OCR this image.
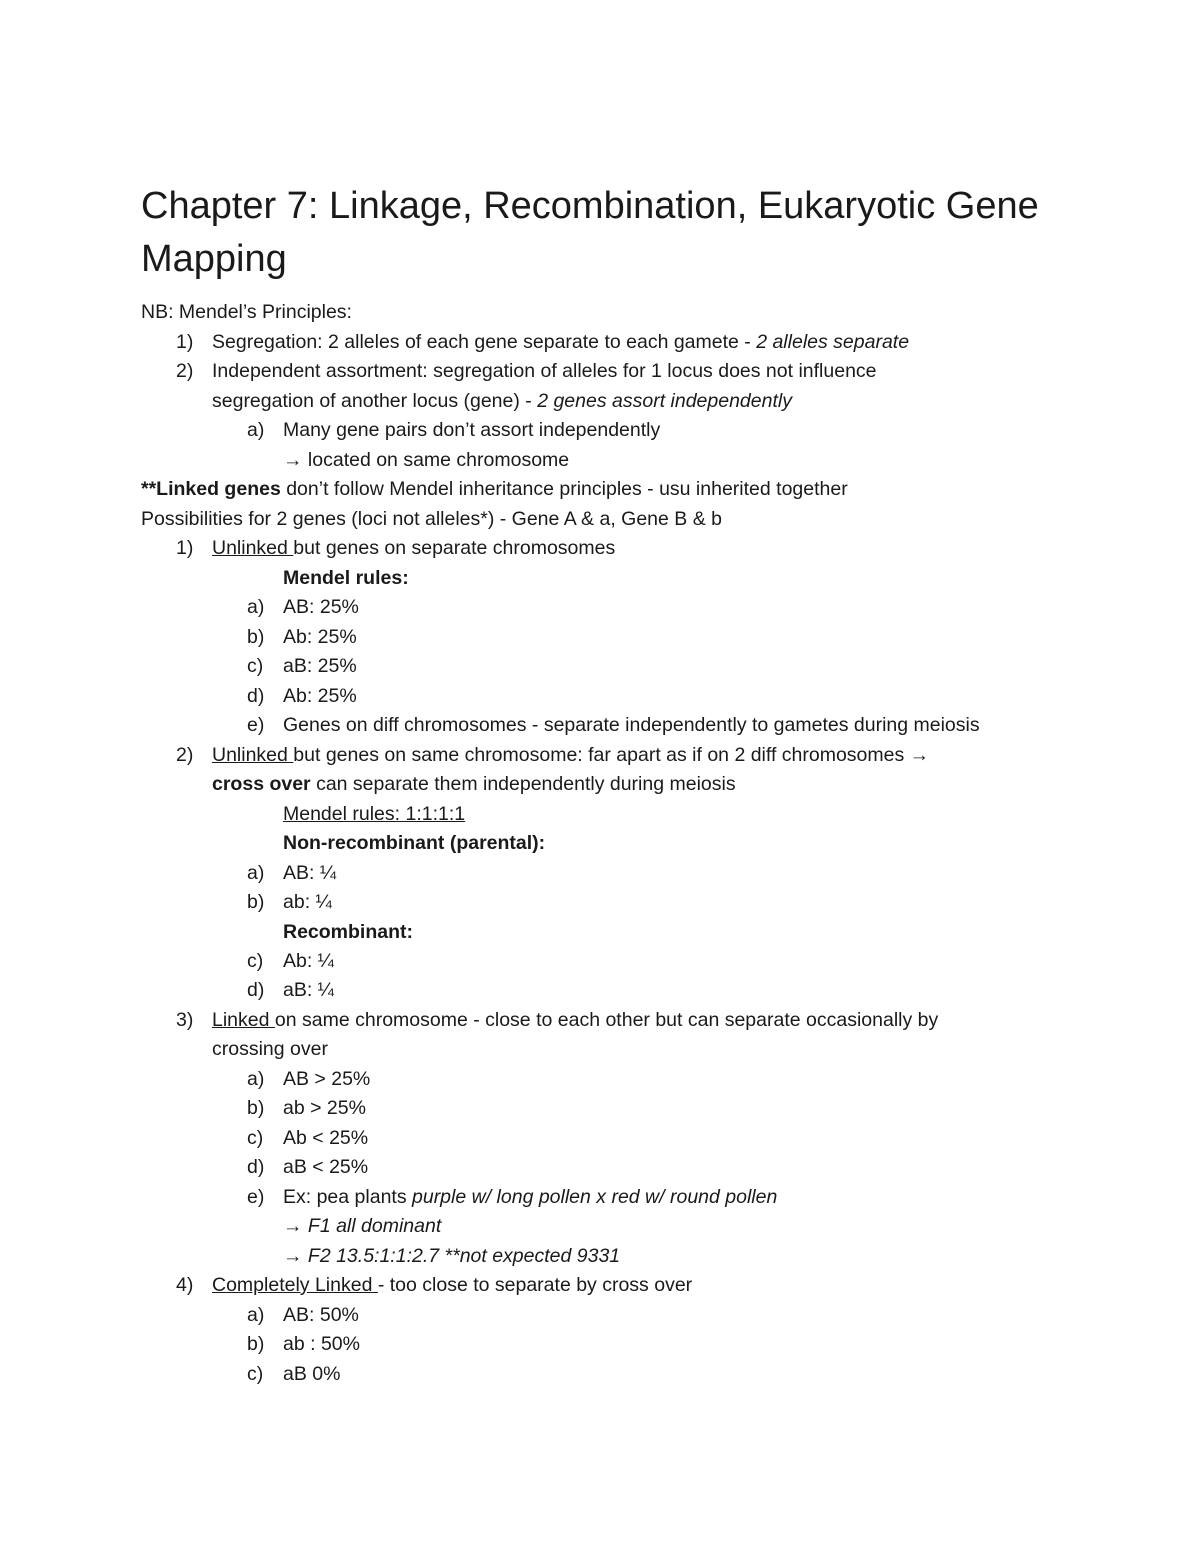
Chapter 7: Linkage, Recombination, Eukaryotic Gene Mapping
NB: Mendel’s Principles:
1) Segregation: 2 alleles of each gene separate to each gamete - 2 alleles separate
2) Independent assortment: segregation of alleles for 1 locus does not influence
segregation of another locus (gene) - 2 genes assort independently
a) Many gene pairs don’t assort independently
→ located on same chromosome
**Linked genes don’t follow Mendel inheritance principles - usu inherited together
Possibilities for 2 genes (loci not alleles*) - Gene A & a, Gene B & b
1) Unlinked but genes on separate chromosomes
Mendel rules:
a) AB: 25%
b) Ab: 25%
c) aB: 25%
d) Ab: 25%
e) Genes on diff chromosomes - separate independently to gametes during meiosis
2) Unlinked but genes on same chromosome: far apart as if on 2 diff chromosomes →
cross over can separate them independently during meiosis
Mendel rules: 1:1:1:1
Non-recombinant (parental):
a) AB: ¼
b) ab: ¼
Recombinant:
c) Ab: ¼
d) aB: ¼
3) Linked on same chromosome - close to each other but can separate occasionally by
crossing over
a) AB > 25%
b) ab > 25%
c) Ab < 25%
d) aB < 25%
e) Ex: pea plants purple w/ long pollen x red w/ round pollen
→ F1 all dominant
→ F2 13.5:1:1:2.7 **not expected 9331
4) Completely Linked - too close to separate by cross over
a) AB: 50%
b) ab : 50%
c) aB 0%
